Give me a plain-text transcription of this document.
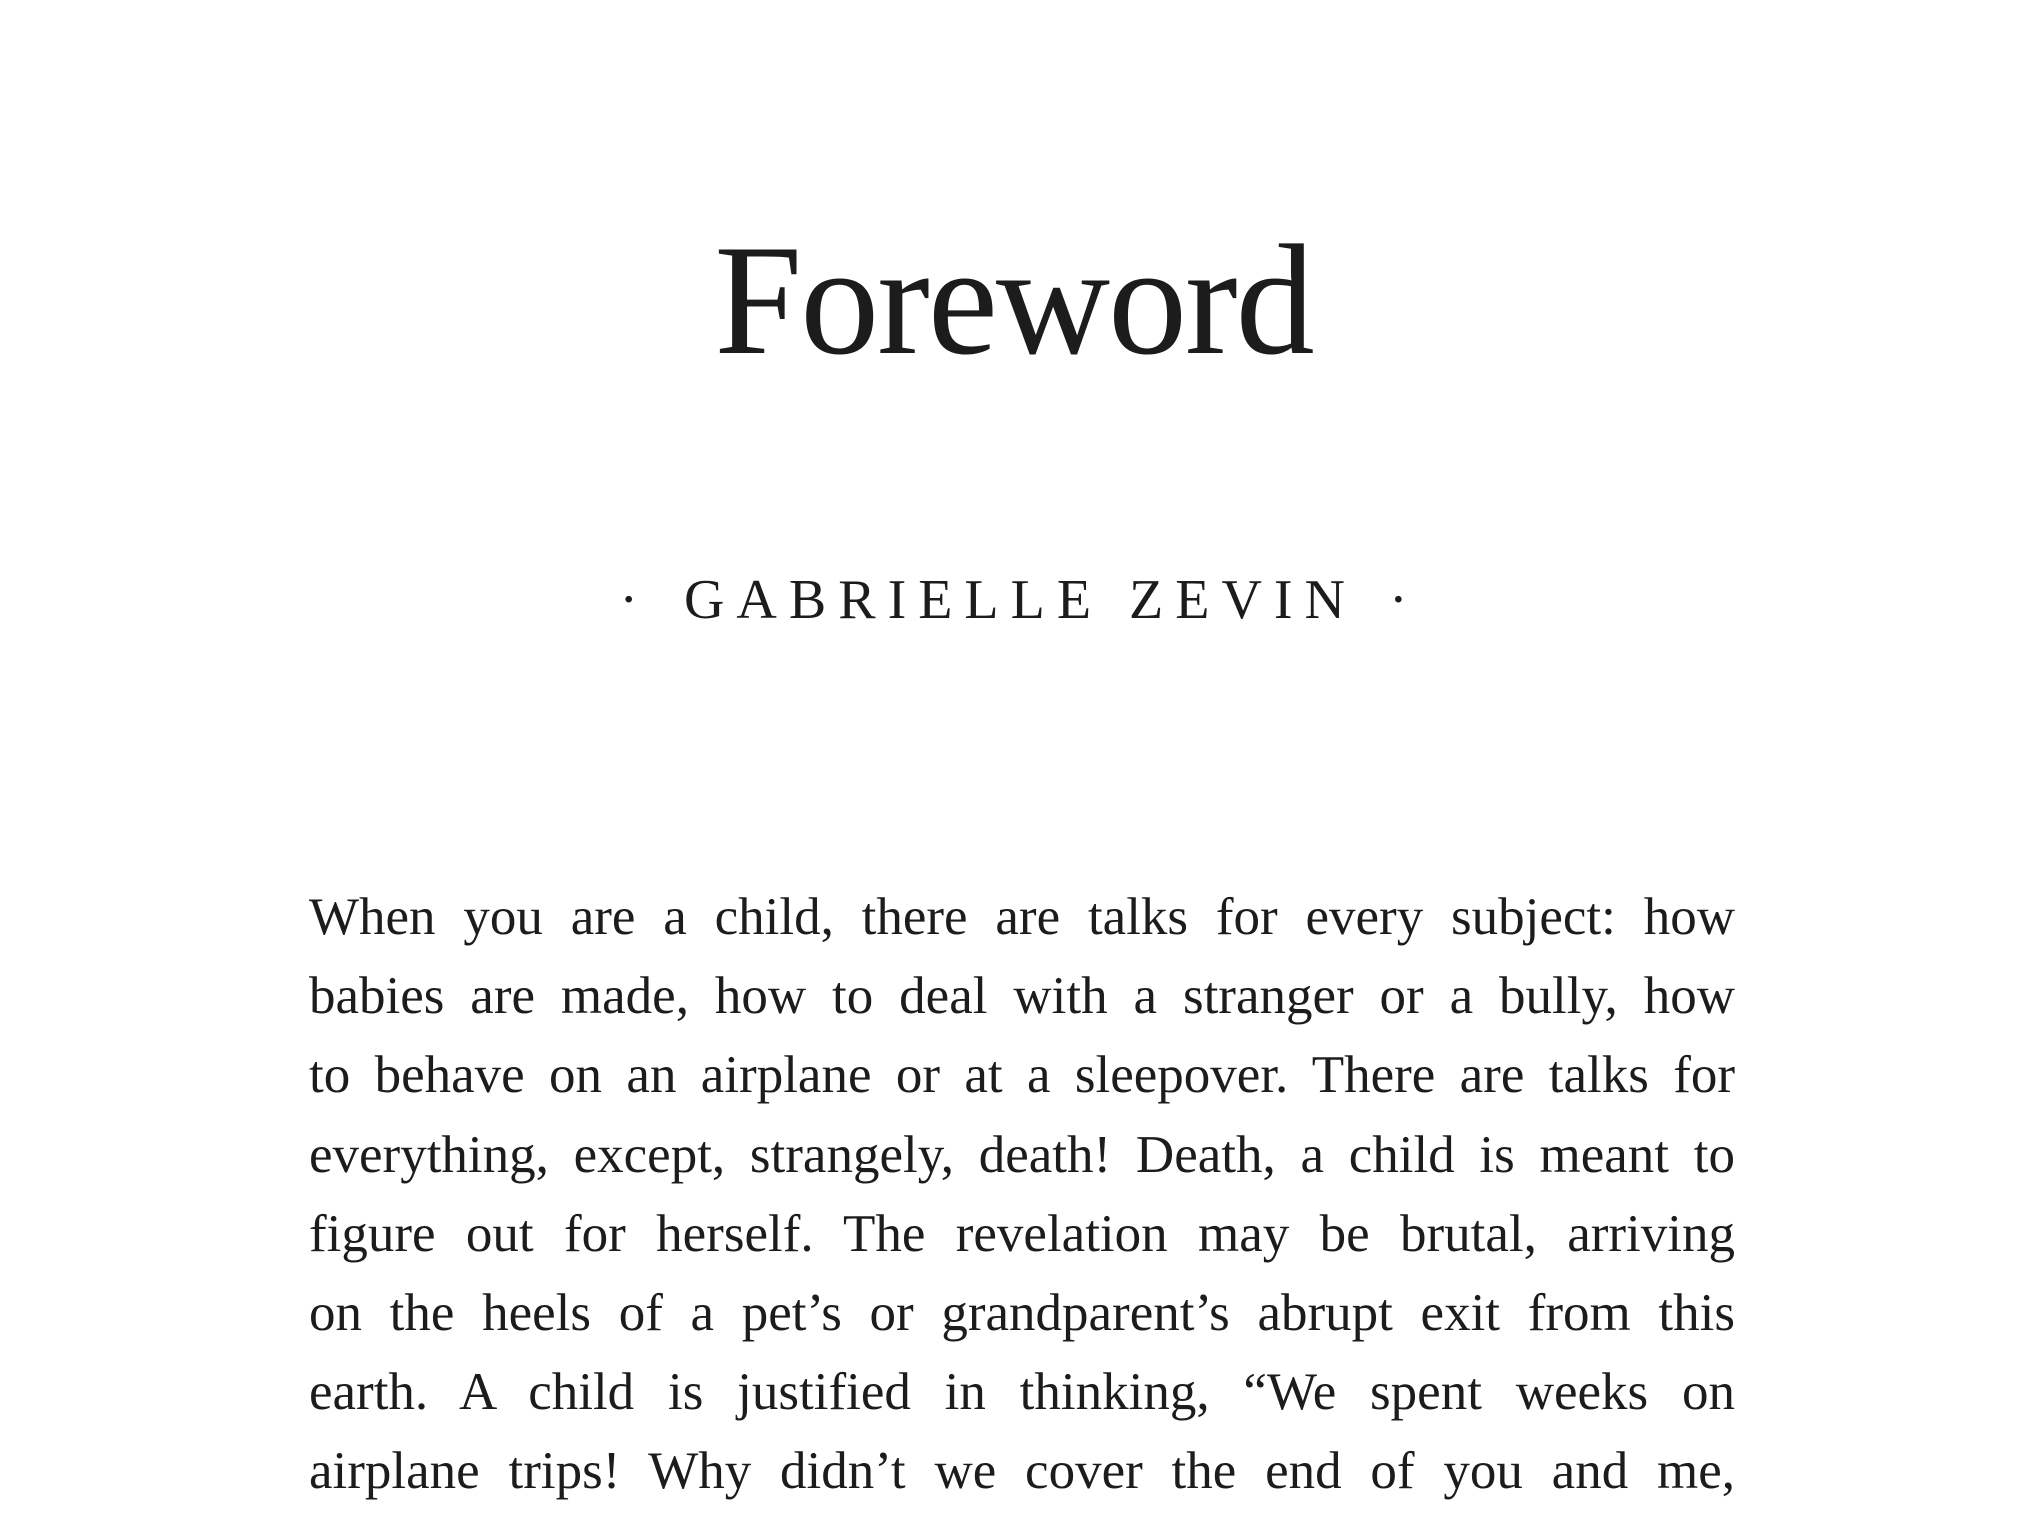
Foreword
· GABRIELLE ZEVIN ·
When you are a child, there are talks for every subject: how
babies are made, how to deal with a stranger or a bully, how
to behave on an airplane or at a sleepover. There are talks for
everything, except, strangely, death! Death, a child is meant to
figure out for herself. The revelation may be brutal, arriving
on the heels of a pet’s or grandparent’s abrupt exit from this
earth. A child is justified in thinking, “We spent weeks on
airplane trips! Why didn’t we cover the end of you and me,
